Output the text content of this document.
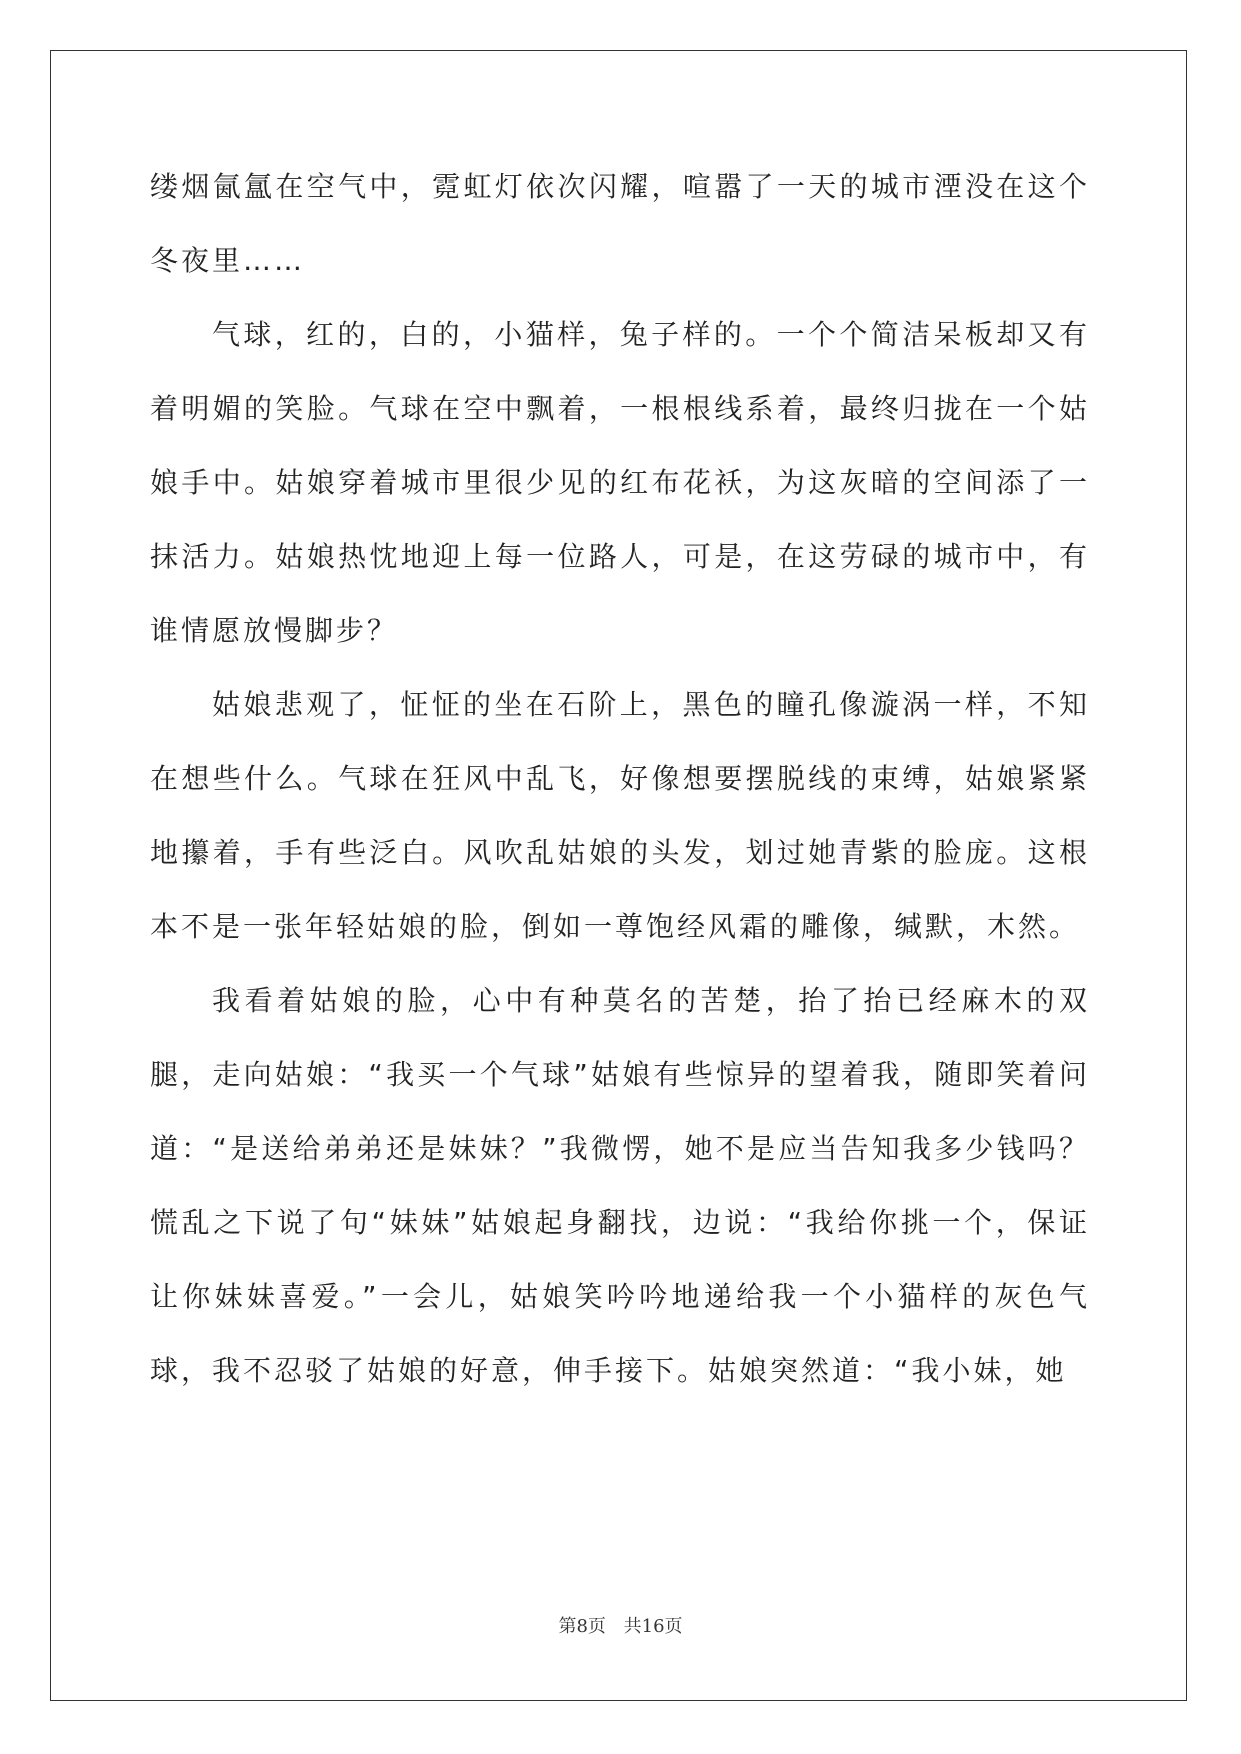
缕烟氤氲在空气中，霓虹灯依次闪耀，喧嚣了一天的城市湮没在这个冬夜里……

气球，红的，白的，小猫样，兔子样的。一个个简洁呆板却又有着明媚的笑脸。气球在空中飘着，一根根线系着，最终归拢在一个姑娘手中。姑娘穿着城市里很少见的红布花袄，为这灰暗的空间添了一抹活力。姑娘热忱地迎上每一位路人，可是，在这劳碌的城市中，有谁情愿放慢脚步？

姑娘悲观了，怔怔的坐在石阶上，黑色的瞳孔像漩涡一样，不知在想些什么。气球在狂风中乱飞，好像想要摆脱线的束缚，姑娘紧紧地攥着，手有些泛白。风吹乱姑娘的头发，划过她青紫的脸庞。这根本不是一张年轻姑娘的脸，倒如一尊饱经风霜的雕像，缄默，木然。

我看着姑娘的脸，心中有种莫名的苦楚，抬了抬已经麻木的双腿，走向姑娘：“我买一个气球”姑娘有些惊异的望着我，随即笑着问道：“是送给弟弟还是妹妹？”我微愣，她不是应当告知我多少钱吗？慌乱之下说了句“妹妹”姑娘起身翻找，边说：“我给你挑一个，保证让你妹妹喜爱。”一会儿，姑娘笑吟吟地递给我一个小猫样的灰色气球，我不忍驳了姑娘的好意，伸手接下。姑娘突然道：“我小妹，她

第8页 共16页
